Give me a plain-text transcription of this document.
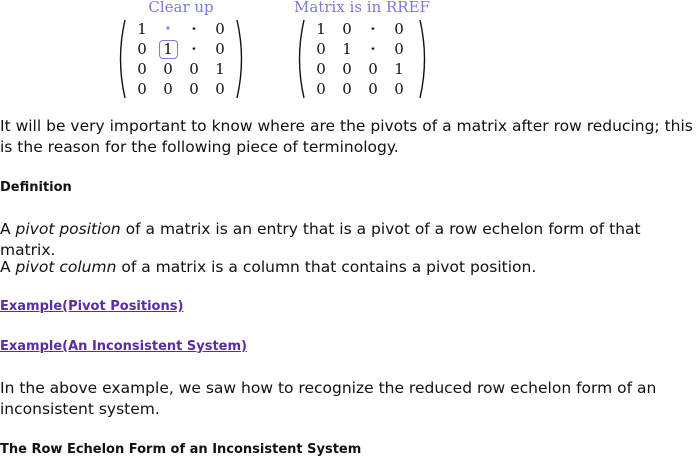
Clear up
1	⋆	⋆	0
0	1	⋆	0
0	0	0	1
0	0	0	0
Matrix is in RREF
1	0	⋆	0
0	1	⋆	0
0	0	0	1
0	0	0	0

It will be very important to know where are the pivots of a matrix after row reducing; this is the reason for the following piece of terminology.

Definition

A pivot position of a matrix is an entry that is a pivot of a row echelon form of that matrix.

A pivot column of a matrix is a column that contains a pivot position.

Example(Pivot Positions)
Example(An Inconsistent System)

In the above example, we saw how to recognize the reduced row echelon form of an inconsistent system.

The Row Echelon Form of an Inconsistent System
